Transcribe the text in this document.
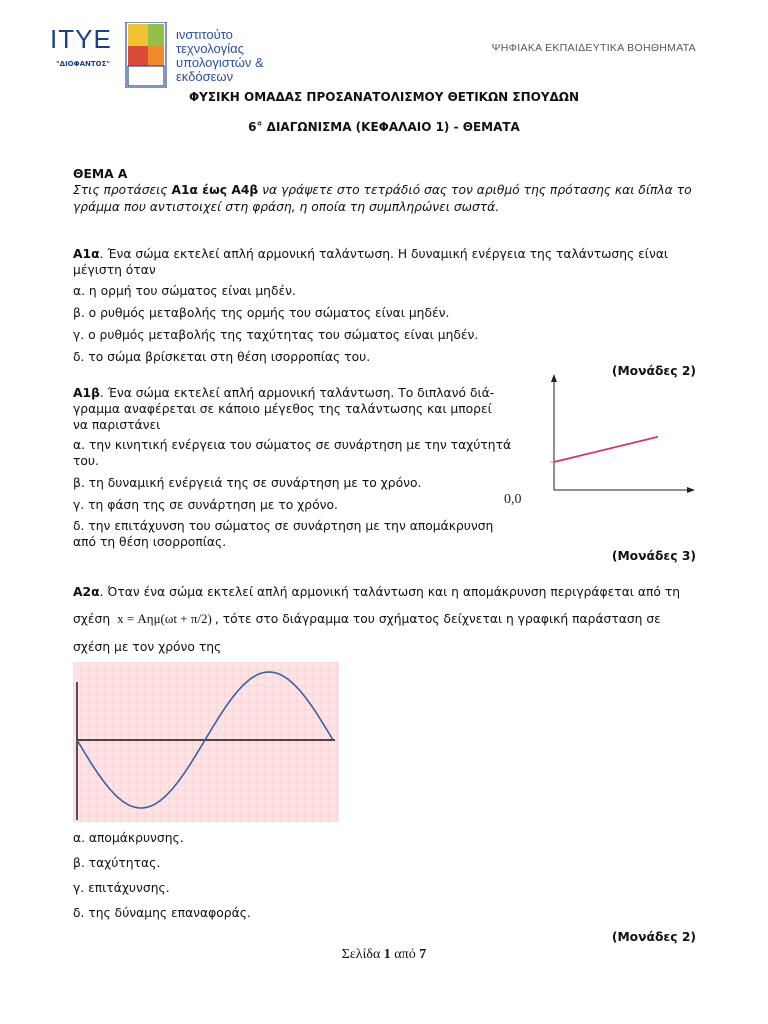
ΙΤΥΕ
"ΔΙΟΦΑΝΤΟΣ"
ινστιτούτο
τεχνολογίας
υπολογιστών & εκδόσεων
ΨΗΦΙΑΚΑ ΕΚΠΑΙΔΕΥΤΙΚΑ ΒΟΗΘΗΜΑΤΑ
ΦΥΣΙΚΗ ΟΜΑΔΑΣ ΠΡΟΣΑΝΑΤΟΛΙΣΜΟΥ ΘΕΤΙΚΩΝ ΣΠΟΥΔΩΝ
6° ΔΙΑΓΩΝΙΣΜΑ (ΚΕΦΑΛΑΙΟ 1) - ΘΕΜΑΤΑ
ΘΕΜΑ Α
Στις προτάσεις Α1α έως Α4β να γράψετε στο τετράδιό σας τον αριθμό της πρότασης και δίπλα το
γράμμα που αντιστοιχεί στη φράση, η οποία τη συμπληρώνει σωστά.
Α1α. Ένα σώμα εκτελεί απλή αρμονική ταλάντωση. Η δυναμική ενέργεια της ταλάντωσης είναι
μέγιστη όταν
α. η ορμή του σώματος είναι μηδέν.
β. ο ρυθμός μεταβολής της ορμής του σώματος είναι μηδέν.
γ. ο ρυθμός μεταβολής της ταχύτητας του σώματος είναι μηδέν.
δ. το σώμα βρίσκεται στη θέση ισορροπίας του.
(Μονάδες 2)
Α1β. Ένα σώμα εκτελεί απλή αρμονική ταλάντωση. Το διπλανό διά-
γραμμα αναφέρεται σε κάποιο μέγεθος της ταλάντωσης και μπορεί
να παριστάνει
α. την κινητική ενέργεια του σώματος σε συνάρτηση με την ταχύτητά
του.
β. τη δυναμική ενέργειά της σε συνάρτηση με το χρόνο.
γ. τη φάση της σε συνάρτηση με το χρόνο.
δ. την επιτάχυνση του σώματος σε συνάρτηση με την απομάκρυνση
από τη θέση ισορροπίας.
0,0
(Μονάδες 3)
Α2α. Όταν ένα σώμα εκτελεί απλή αρμονική ταλάντωση και η απομάκρυνση περιγράφεται από τη
σχέση x = Αημ(ωt + π/2) , τότε στο διάγραμμα του σχήματος δείχνεται η γραφική παράσταση σε
σχέση με τον χρόνο της
α. απομάκρυνσης.
β. ταχύτητας.
γ. επιτάχυνσης.
δ. της δύναμης επαναφοράς.
(Μονάδες 2)
Σελίδα 1 από 7
